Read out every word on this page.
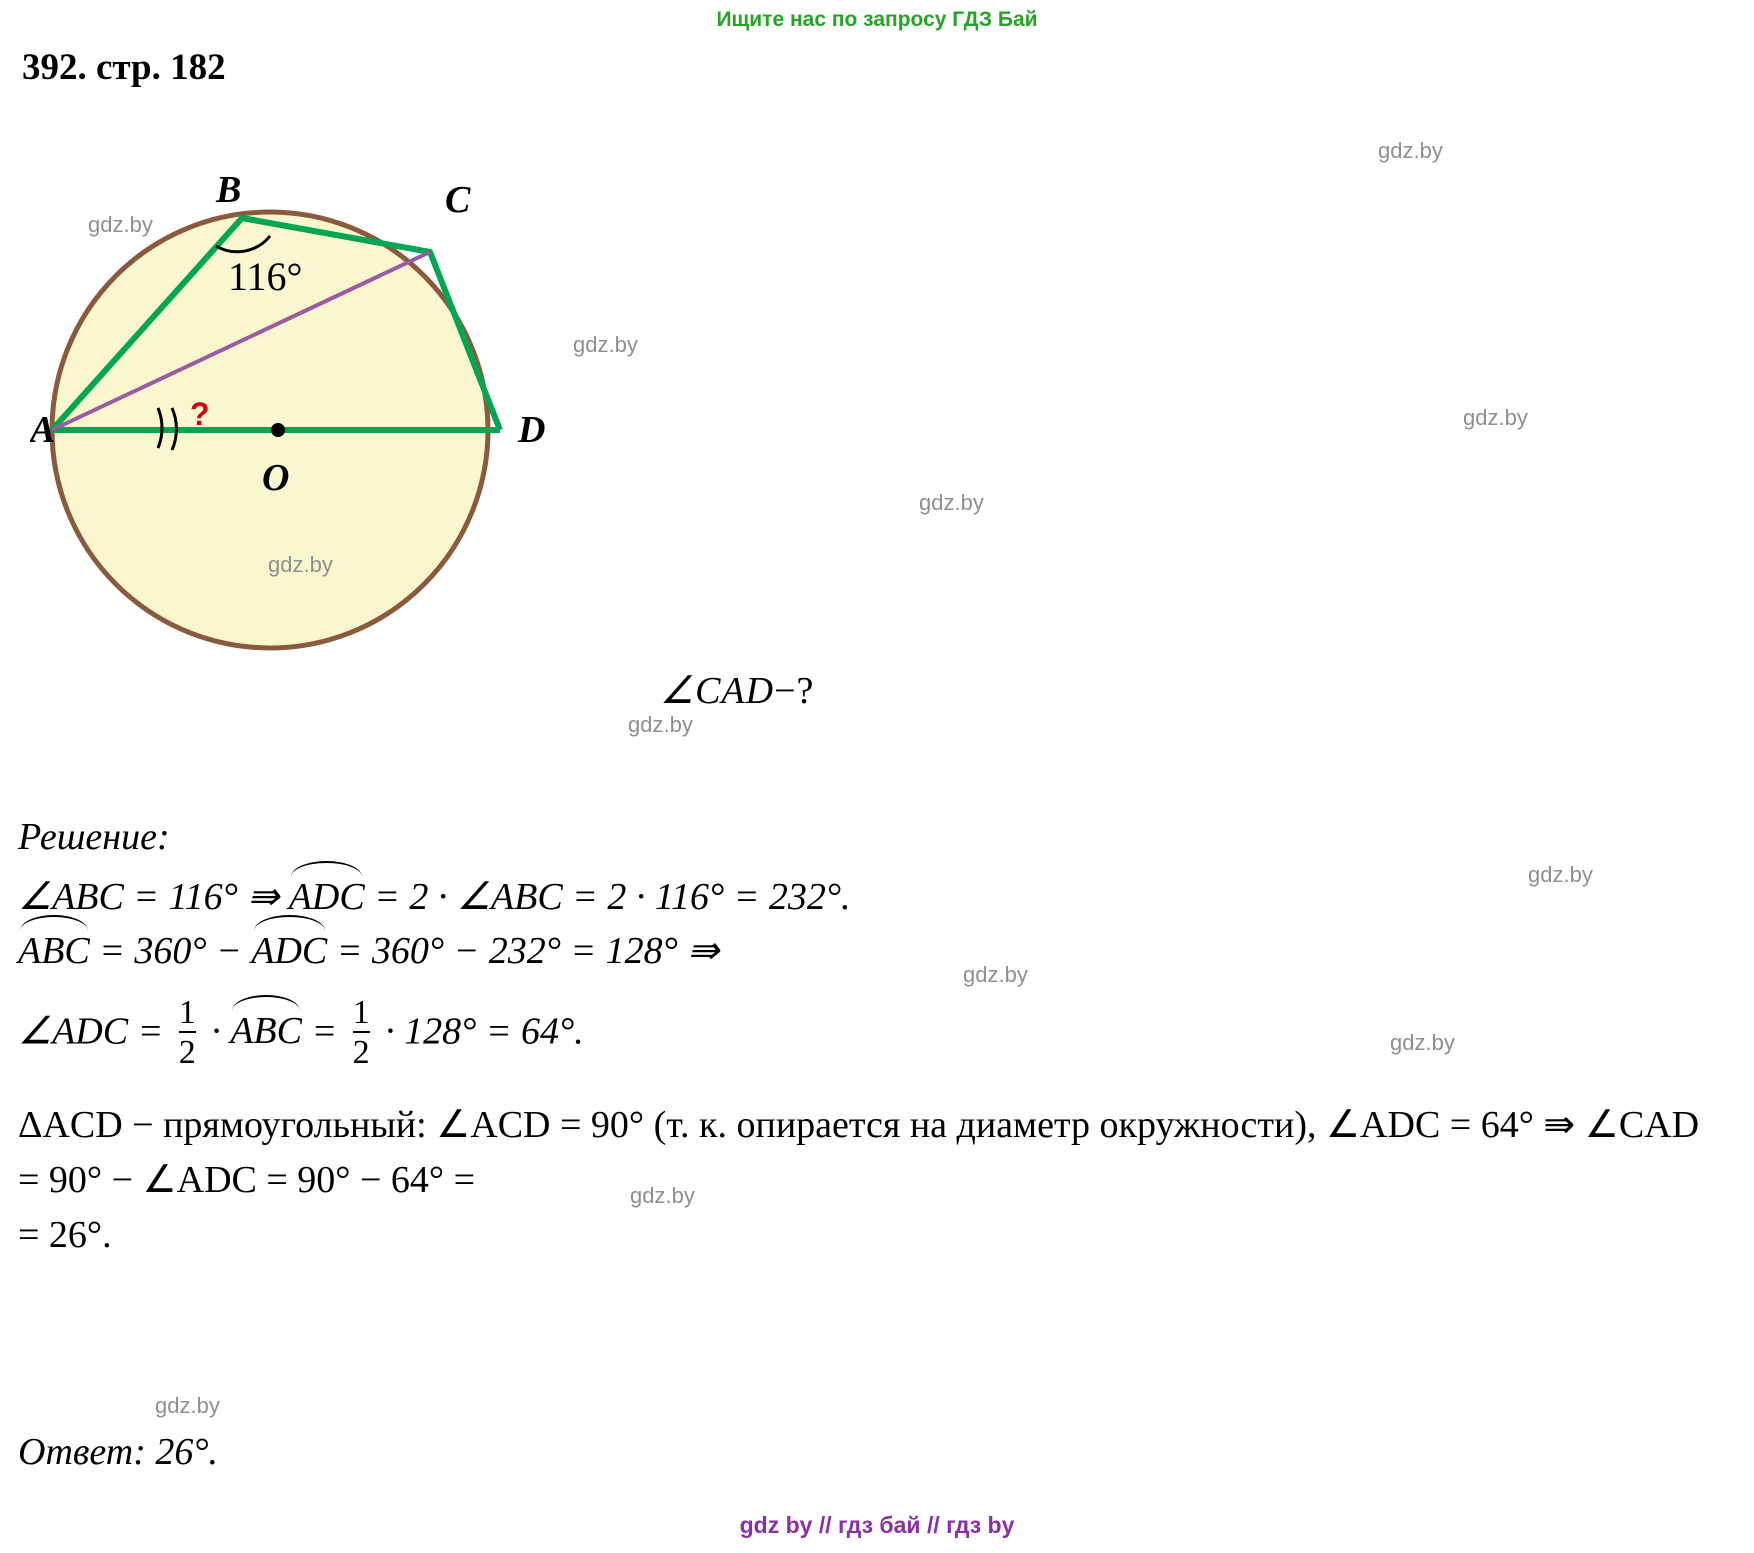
Ищите нас по запросу ГДЗ Бай
392. стр. 182
B	C
A	D
O
116°
?
∠CAD−?
Решение:
∠ABC = 116° ⇛ ADC = 2 · ∠ABC = 2 · 116° = 232°.
ABC = 360° − ADC = 360° − 232° = 128° ⇛
∠ADC = $\frac{1}{2}$ · ABC = $\frac{1}{2} \cdot 128^\circ = 64^\circ$.
ΔACD − прямоугольный: ∠ACD = 90° (т. к. опирается на диаметр окружности), ∠ADC = 64° ⇛ ∠CAD = 90° − ∠ADC = 90° − 64° =
= 26°.
Ответ: 26°.
gdz by // гдз бай // гдз by
gdz.by
gdz.by
gdz.by
gdz.by
gdz.by
gdz.by
gdz.by
gdz.by
gdz.by
gdz.by
gdz.by
gdz.by
